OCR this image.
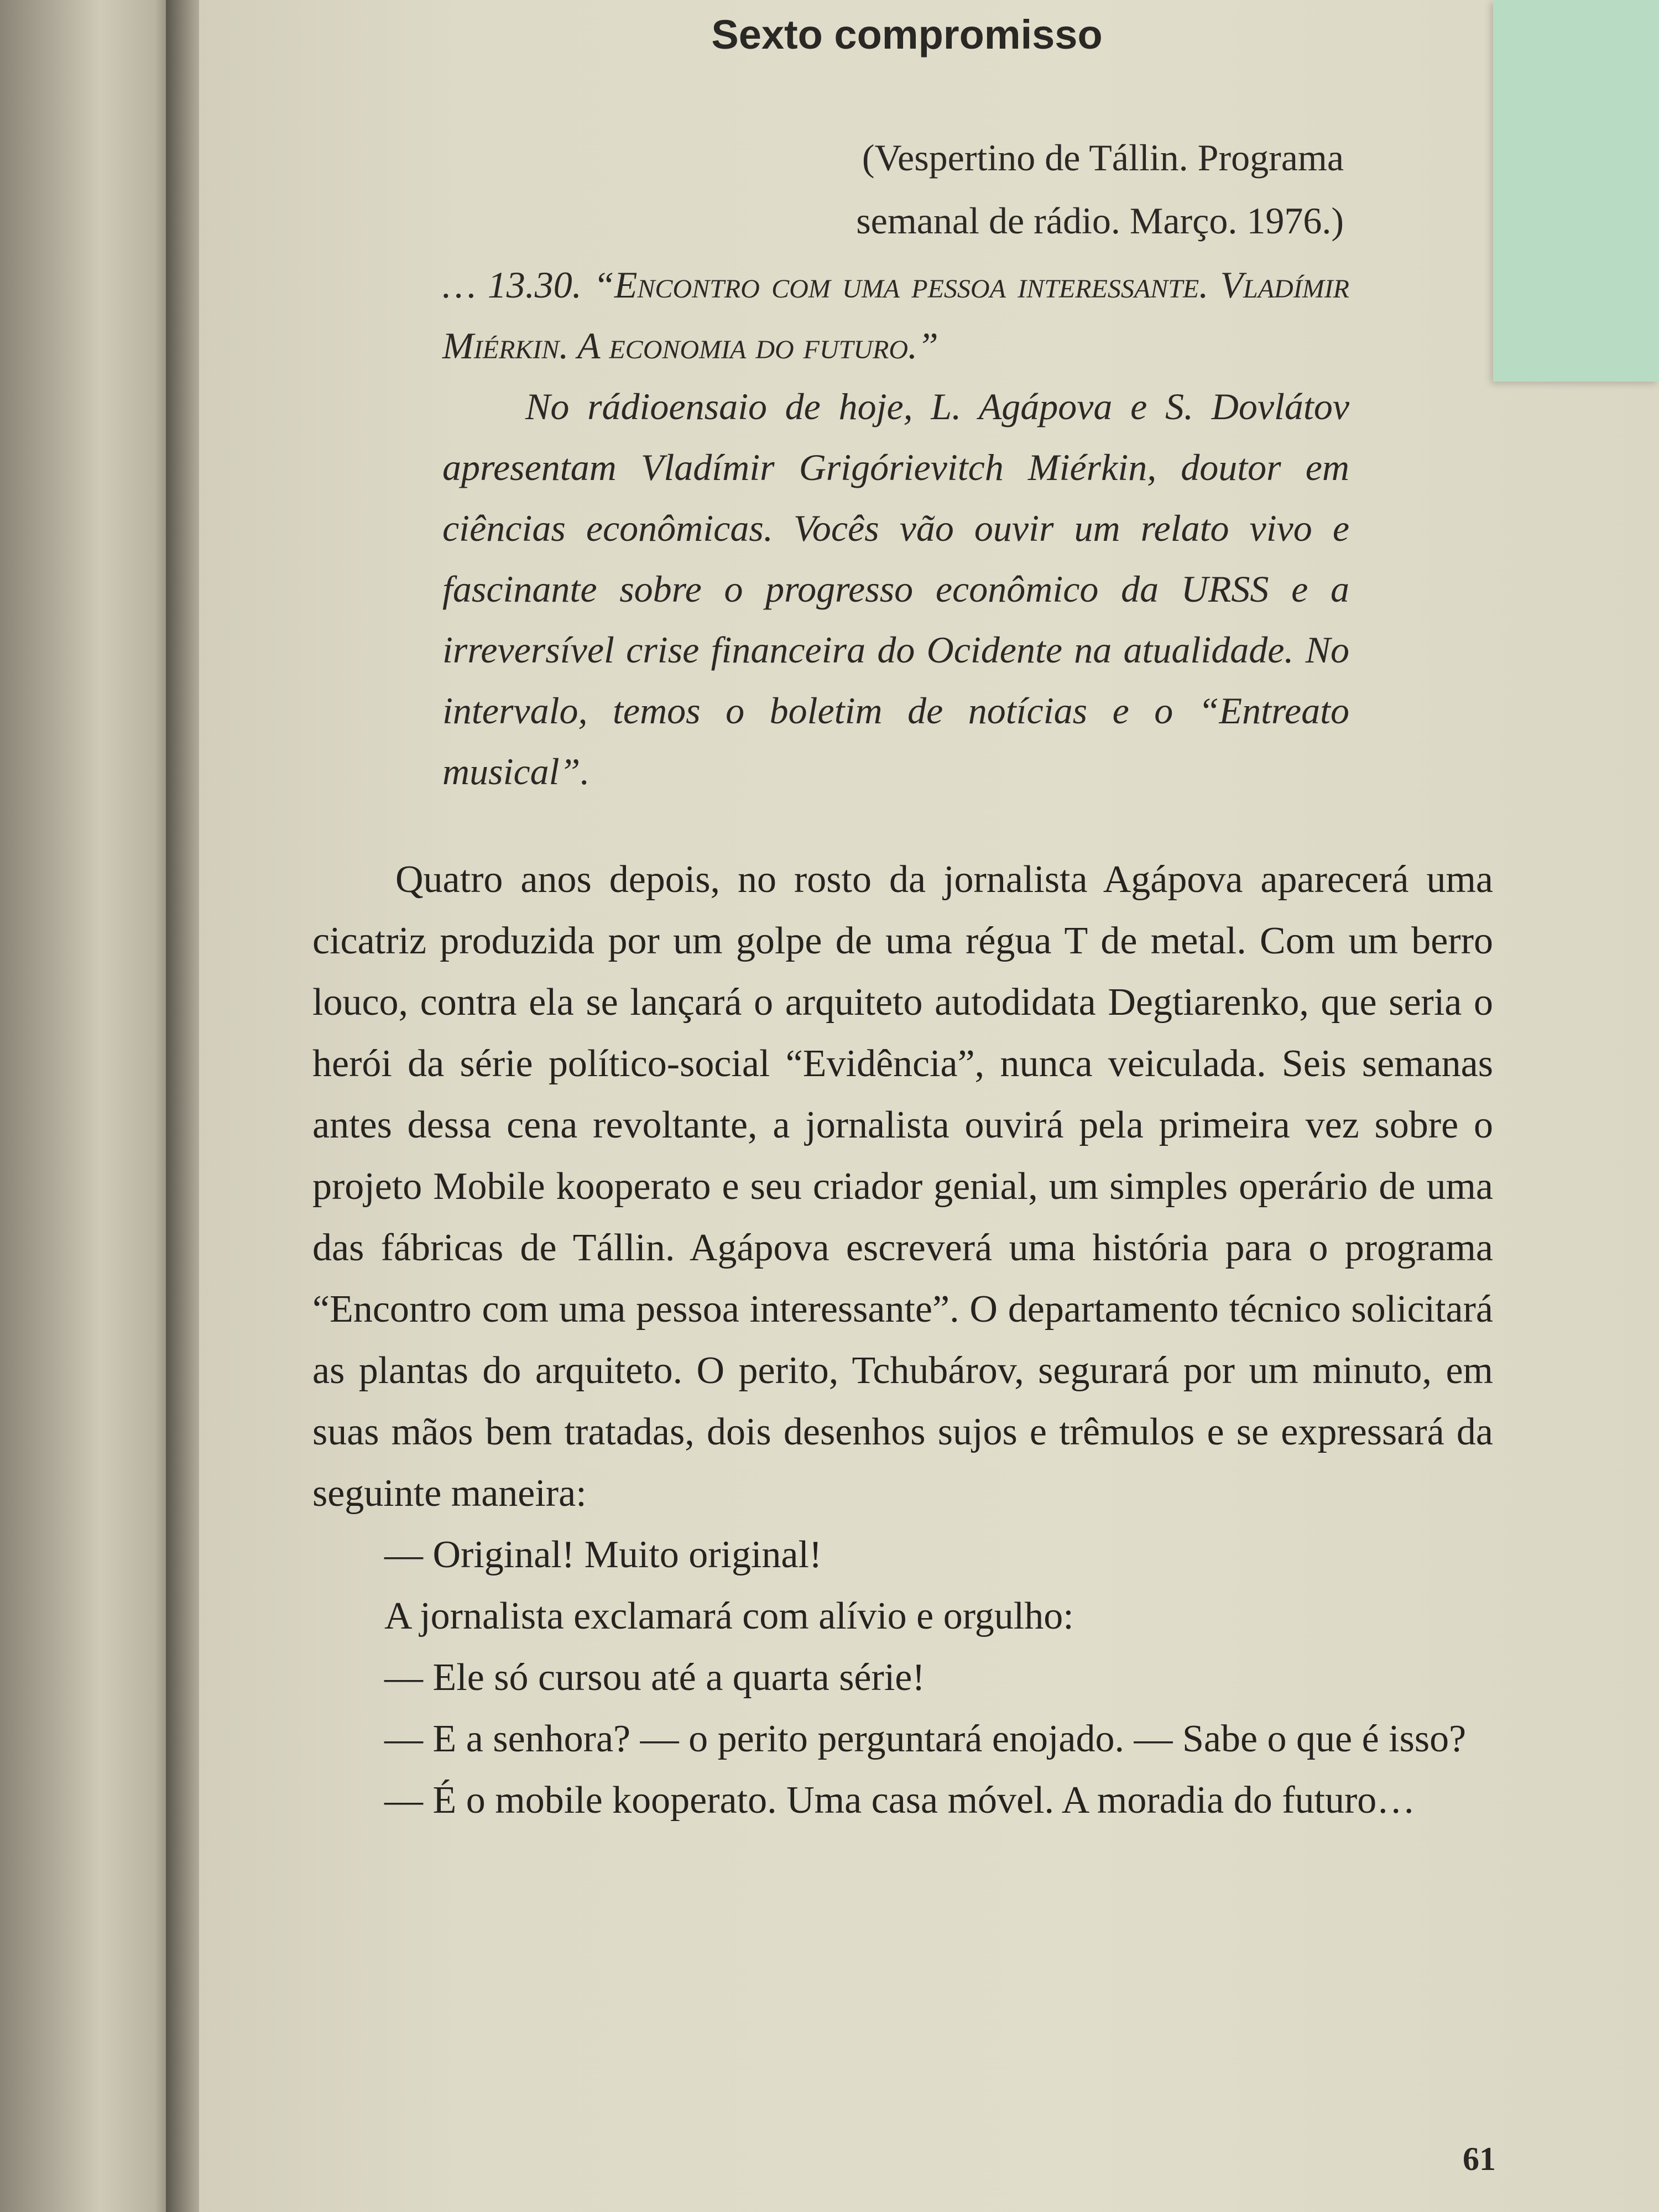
Sexto compromisso
(Vespertino de Tállin. Programa
semanal de rádio. Março. 1976.)
… 13.30. “Encontro com uma pessoa interessante. Vladímir Miérkin. A economia do futuro.”
No rádioensaio de hoje, L. Agápova e S. Dovlátov apresentam Vladímir Grigórievitch Miérkin, doutor em ciências econômicas. Vocês vão ouvir um relato vivo e fascinante sobre o progresso econômico da URSS e a irreversível crise financeira do Ocidente na atualidade. No intervalo, temos o boletim de notícias e o “Entreato musical”.

Quatro anos depois, no rosto da jornalista Agápova aparecerá uma cicatriz produzida por um golpe de uma régua T de metal. Com um berro louco, contra ela se lançará o arquiteto autodidata Degtiarenko, que seria o herói da série político-social “Evidência”, nunca veiculada. Seis semanas antes dessa cena revoltante, a jornalista ouvirá pela primeira vez sobre o projeto Mobile kooperato e seu criador genial, um simples operário de uma das fábricas de Tállin. Agápova escreverá uma história para o programa “Encontro com uma pessoa interessante”. O departamento técnico solicitará as plantas do arquiteto. O perito, Tchubárov, segurará por um minuto, em suas mãos bem tratadas, dois desenhos sujos e trêmulos e se expressará da seguinte maneira:

— Original! Muito original!

A jornalista exclamará com alívio e orgulho:

— Ele só cursou até a quarta série!

— E a senhora? — o perito perguntará enojado. — Sabe o que é isso?

— É o mobile kooperato. Uma casa móvel. A moradia do futuro…

61
